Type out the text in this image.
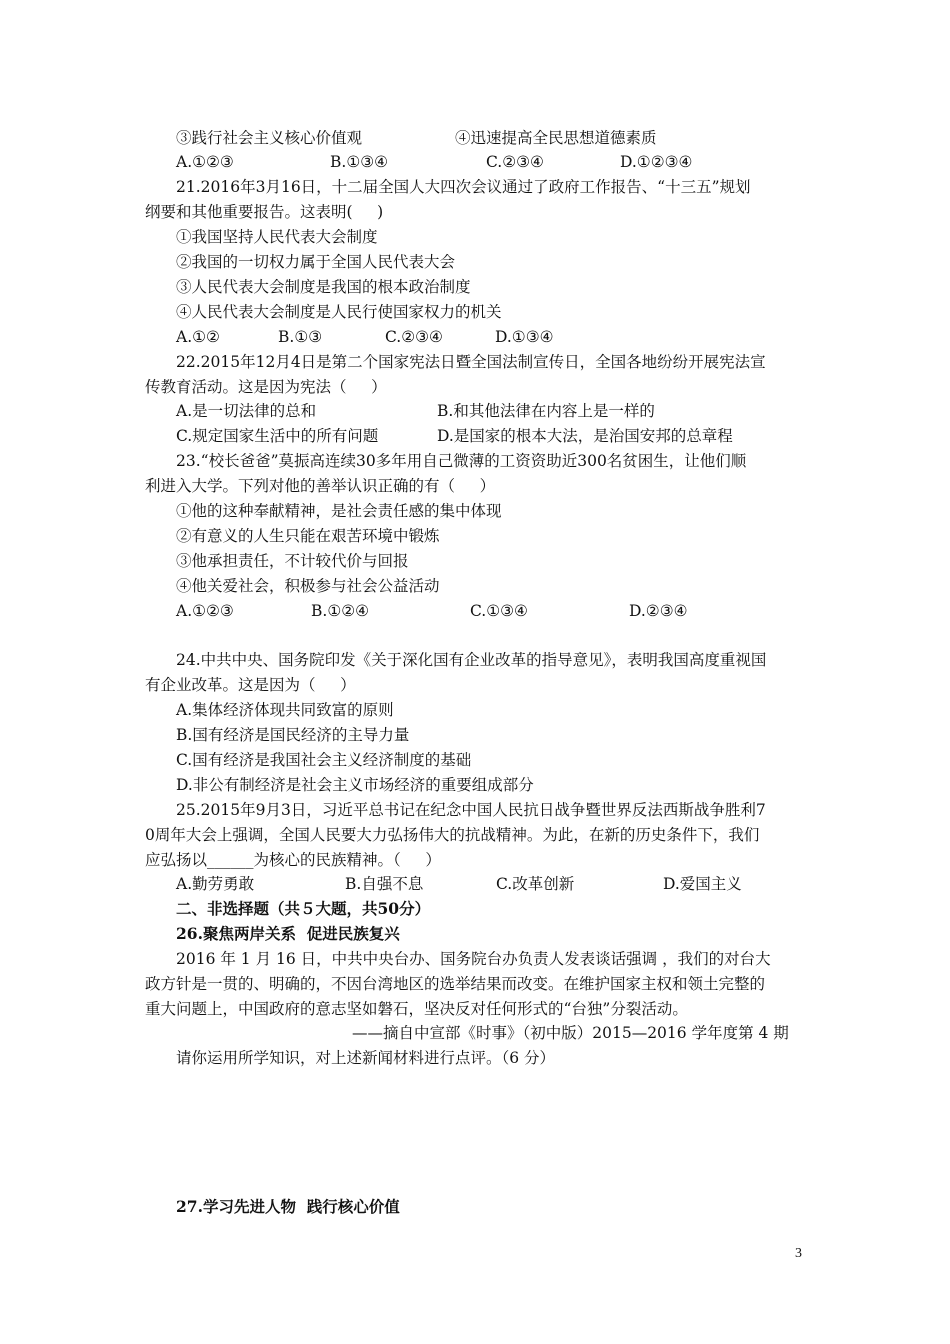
③践行社会主义核心价值观	④迅速提高全民思想道德素质
A.①②③	B.①③④	C.②③④	D.①②③④
21.2016年3月16日，十二届全国人大四次会议通过了政府工作报告、“十三五”规划
纲要和其他重要报告。这表明(     )
①我国坚持人民代表大会制度
②我国的一切权力属于全国人民代表大会
③人民代表大会制度是我国的根本政治制度
④人民代表大会制度是人民行使国家权力的机关
A.①②	B.①③	C.②③④	D.①③④
22.2015年12月4日是第二个国家宪法日暨全国法制宣传日，全国各地纷纷开展宪法宣
传教育活动。这是因为宪法（     ）
A.是一切法律的总和	B.和其他法律在内容上是一样的
C.规定国家生活中的所有问题	D.是国家的根本大法，是治国安邦的总章程
23.“校长爸爸”莫振高连续30多年用自己微薄的工资资助近300名贫困生，让他们顺
利进入大学。下列对他的善举认识正确的有（     ）
①他的这种奉献精神，是社会责任感的集中体现
②有意义的人生只能在艰苦环境中锻炼
③他承担责任，不计较代价与回报
④他关爱社会，积极参与社会公益活动
A.①②③	B.①②④	C.①③④	D.②③④
24.中共中央、国务院印发《关于深化国有企业改革的指导意见》，表明我国高度重视国
有企业改革。这是因为（     ）
A.集体经济体现共同致富的原则
B.国有经济是国民经济的主导力量
C.国有经济是我国社会主义经济制度的基础
D.非公有制经济是社会主义市场经济的重要组成部分
25.2015年9月3日，习近平总书记在纪念中国人民抗日战争暨世界反法西斯战争胜利7
0周年大会上强调，全国人民要大力弘扬伟大的抗战精神。为此，在新的历史条件下，我们
应弘扬以______为核心的民族精神。（     ）
A.勤劳勇敢	B.自强不息	C.改革创新	D.爱国主义
二、非选择题（共５大题，共50分）
26.聚焦两岸关系  促进民族复兴
2016 年 1 月 16 日，中共中央台办、国务院台办负责人发表谈话强调 ，我们的对台大
政方针是一贯的、明确的，不因台湾地区的选举结果而改变。在维护国家主权和领土完整的
重大问题上，中国政府的意志坚如磐石，坚决反对任何形式的“台独”分裂活动。
——摘自中宣部《时事》（初中版）2015—2016 学年度第 4 期
请你运用所学知识，对上述新闻材料进行点评。（6 分）
27.学习先进人物  践行核心价值
3
